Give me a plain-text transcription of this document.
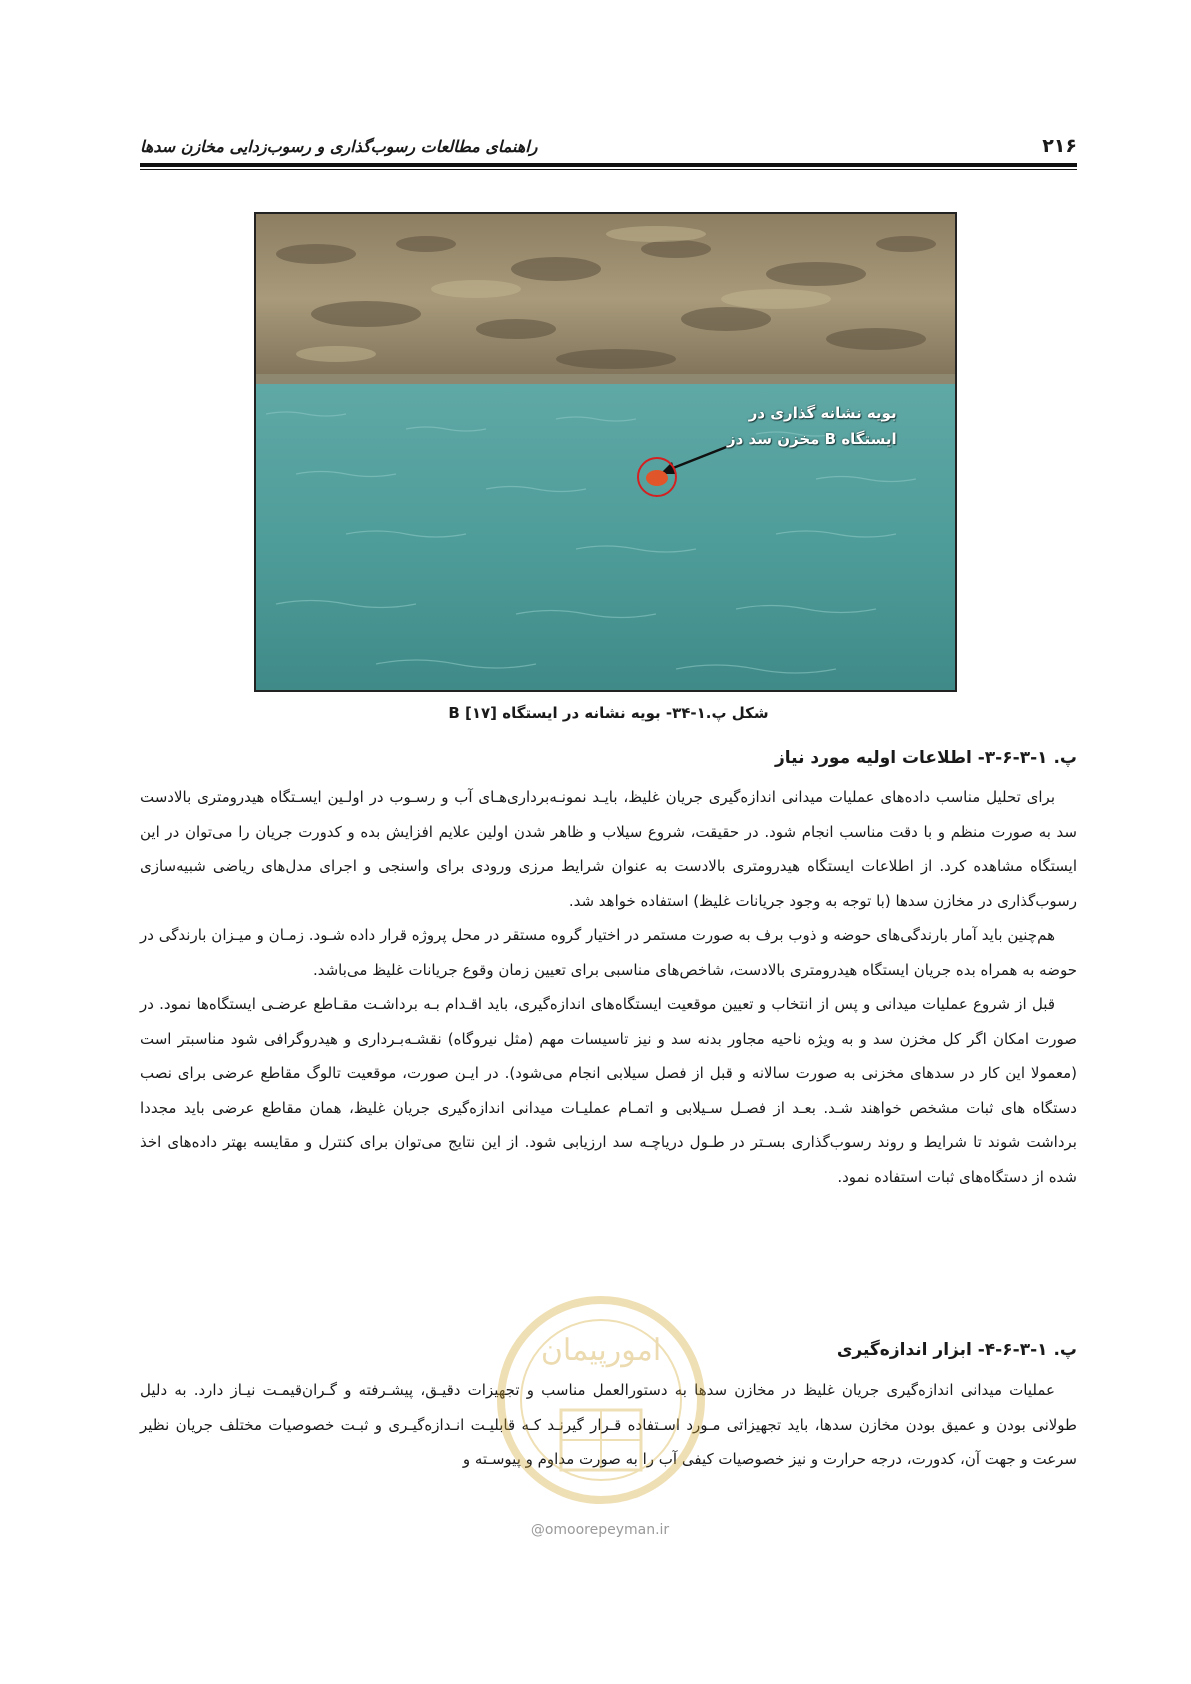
۲۱۶
راهنمای مطالعات رسوب‌گذاری و رسوب‌زدایی مخازن سدها
بویه نشانه گذاری در
ایستگاه B مخزن سد دز
شکل پ.۱-۳۴- بویه نشانه در ایستگاه B [۱۷]
پ. ۱-۳-۶-۳- اطلاعات اولیه مورد نیاز

برای تحلیل مناسب داده‌های عملیات میدانی اندازه‌گیری جریان غلیظ، بایـد نمونـه‌برداری‌هـای آب و رسـوب در اولـین ایسـتگاه هیدرومتری بالادست سد به صورت منظم و با دقت مناسب انجام شود. در حقیقت، شروع سیلاب و ظاهر شدن اولین علایم افزایش بده و کدورت جریان را می‌توان در این ایستگاه مشاهده کرد. از اطلاعات ایستگاه هیدرومتری بالادست به عنوان شرایط مرزی ورودی برای واسنجی و اجرای مدل‌های ریاضی شبیه‌سازی رسوب‌گذاری در مخازن سدها (با توجه به وجود جریانات غلیظ) استفاده خواهد شد.

هم‌چنین باید آمار بارندگی‌های حوضه و ذوب برف به صورت مستمر در اختیار گروه مستقر در محل پروژه قرار داده شـود. زمـان و میـزان بارندگی در حوضه به همراه بده جریان ایستگاه هیدرومتری بالادست، شاخص‌های مناسبی برای تعیین زمان وقوع جریانات غلیظ می‌باشد.

قبل از شروع عملیات میدانی و پس از انتخاب و تعیین موقعیت ایستگاه‌های اندازه‌گیری، باید اقـدام بـه برداشـت مقـاطع عرضـی ایستگاه‌ها نمود. در صورت امکان اگر کل مخزن سد و به ویژه ناحیه مجاور بدنه سد و نیز تاسیسات مهم (مثل نیروگاه) نقشـه‌بـرداری و هیدروگرافی شود مناسبتر است (معمولا این کار در سدهای مخزنی به صورت سالانه و قبل از فصل سیلابی انجام می‌شود). در ایـن صورت، موقعیت تالوگ مقاطع عرضی برای نصب دستگاه های ثبات مشخص خواهند شـد. بعـد از فصـل سـیلابی و اتمـام عملیـات میدانی اندازه‌گیری جریان غلیظ، همان مقاطع عرضی باید مجددا برداشت شوند تا شرایط و روند رسوب‌گذاری بسـتر در طـول دریاچـه سد ارزیابی شود. از این نتایج می‌توان برای کنترل و مقایسه بهتر داده‌های اخذ شده از دستگاه‌های ثبات استفاده نمود.

پ. ۱-۳-۶-۴- ابزار اندازه‌گیری

عملیات میدانی اندازه‌گیری جریان غلیظ در مخازن سدها به دستورالعمل مناسب و تجهیزات دقیـق، پیشـرفته و گـران‌قیمـت نیـاز دارد. به دلیل طولانی بودن و عمیق بودن مخازن سدها، باید تجهیزاتی مـورد اسـتفاده قـرار گیرنـد کـه قابلیـت انـدازه‌گیـری و ثبـت خصوصیات مختلف جریان نظیر سرعت و جهت آن، کدورت، درجه حرارت و نیز خصوصیات کیفی آب را به صورت مداوم و پیوسـته و

امورپیمان
@omoorepeyman.ir
